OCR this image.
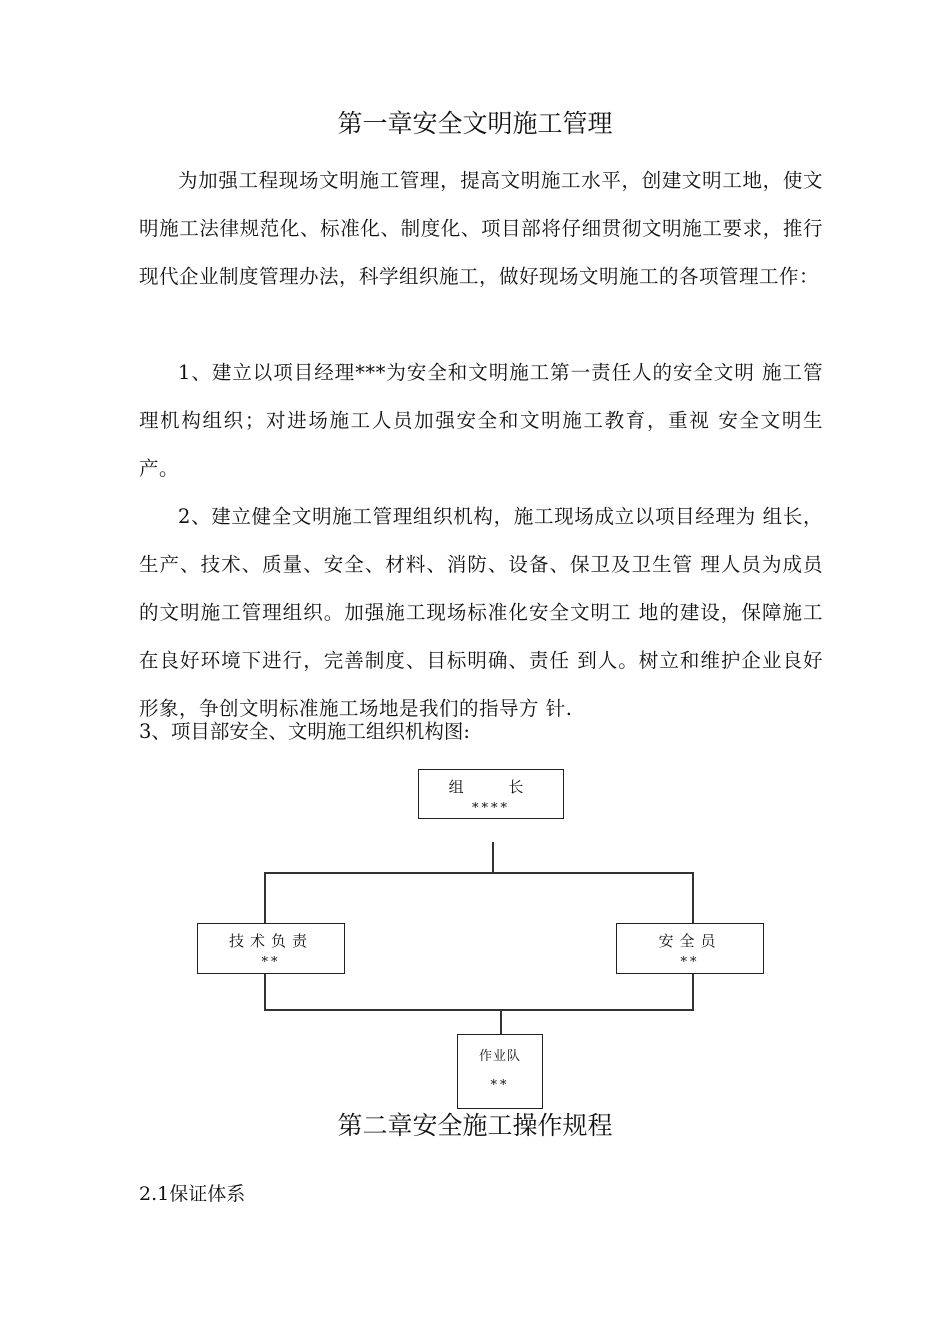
第一章安全文明施工管理

为加强工程现场文明施工管理，提高文明施工水平，创建文明工地，使文明施工法律规范化、标准化、制度化、项目部将仔细贯彻文明施工要求，推行现代企业制度管理办法，科学组织施工，做好现场文明施工的各项管理工作：

1、建立以项目经理***为安全和文明施工第一责任人的安全文明 施工管理机构组织；对进场施工人员加强安全和文明施工教育，重视 安全文明生产。

2、建立健全文明施工管理组织机构，施工现场成立以项目经理为 组长，生产、技术、质量、安全、材料、消防、设备、保卫及卫生管 理人员为成员的文明施工管理组织。加强施工现场标准化安全文明工 地的建设，保障施工在良好环境下进行，完善制度、目标明确、责任 到人。树立和维护企业良好形象，争创文明标准施工场地是我们的指导方 针.

3、项目部安全、文明施工组织机构图:

组 长
****
技术负责
**
安全员
**
作业队
**
第二章安全施工操作规程

2.1保证体系
